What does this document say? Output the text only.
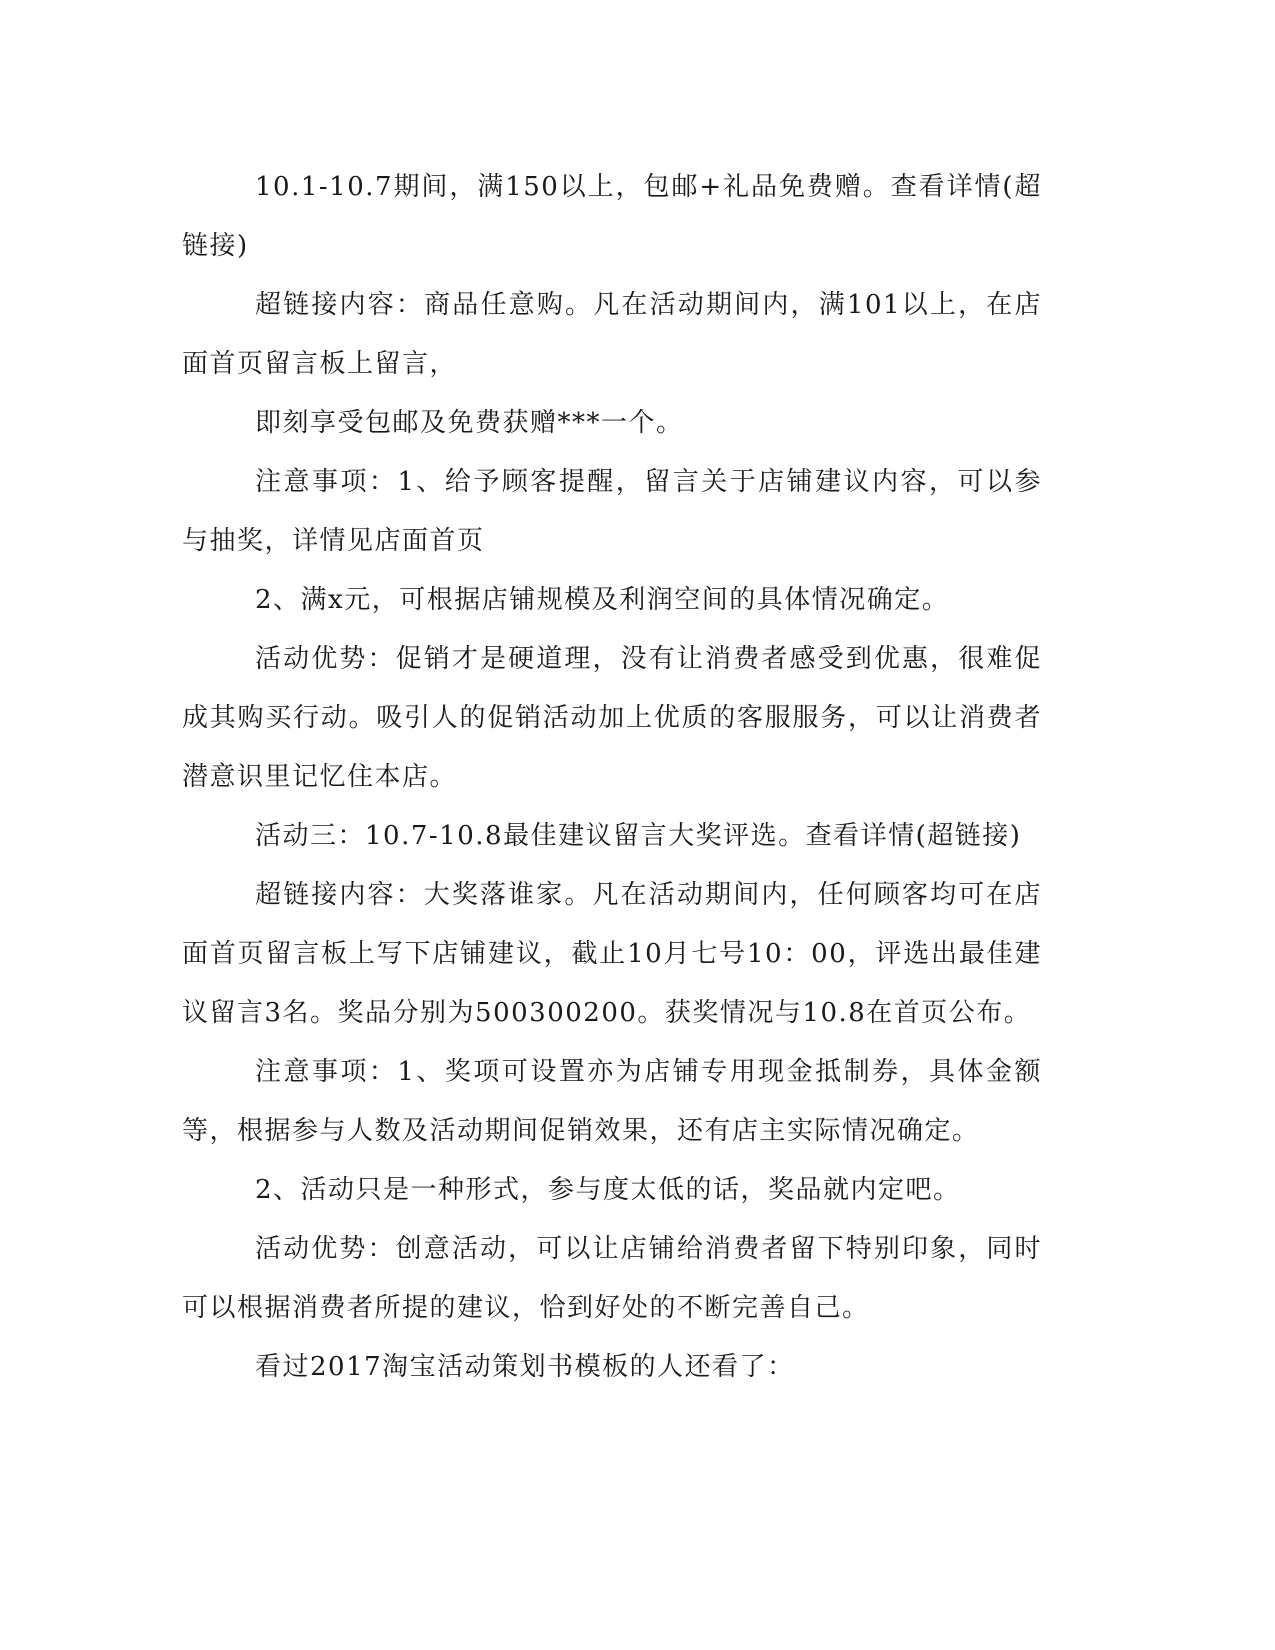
10.1-10.7期间，满150以上，包邮+礼品免费赠。查看详情(超链接)

超链接内容：商品任意购。凡在活动期间内，满101以上，在店面首页留言板上留言，

即刻享受包邮及免费获赠***一个。

注意事项：1、给予顾客提醒，留言关于店铺建议内容，可以参与抽奖，详情见店面首页

2、满x元，可根据店铺规模及利润空间的具体情况确定。

活动优势：促销才是硬道理，没有让消费者感受到优惠，很难促成其购买行动。吸引人的促销活动加上优质的客服服务，可以让消费者潜意识里记忆住本店。

活动三：10.7-10.8最佳建议留言大奖评选。查看详情(超链接)

超链接内容：大奖落谁家。凡在活动期间内，任何顾客均可在店面首页留言板上写下店铺建议，截止10月七号10：00，评选出最佳建议留言3名。奖品分别为500300200。获奖情况与10.8在首页公布。

注意事项：1、奖项可设置亦为店铺专用现金抵制券，具体金额等，根据参与人数及活动期间促销效果，还有店主实际情况确定。

2、活动只是一种形式，参与度太低的话，奖品就内定吧。

活动优势：创意活动，可以让店铺给消费者留下特别印象，同时可以根据消费者所提的建议，恰到好处的不断完善自己。

看过2017淘宝活动策划书模板的人还看了：
